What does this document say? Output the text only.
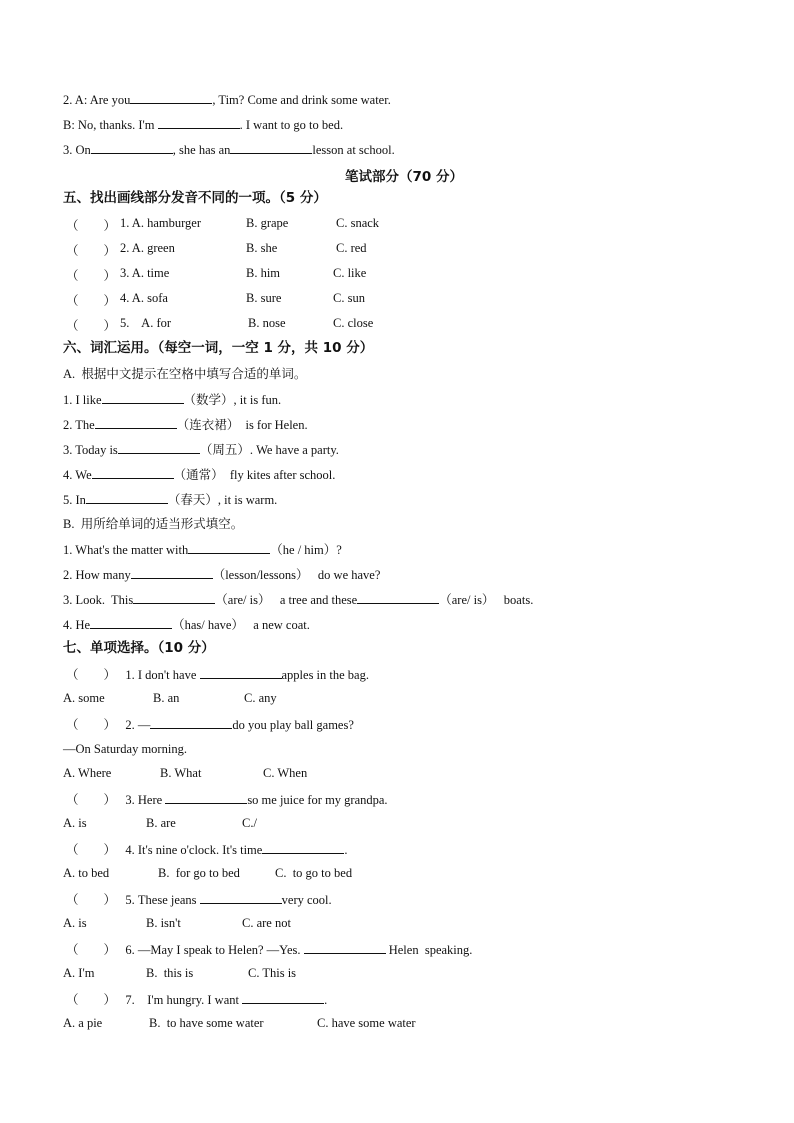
2. A: Are you	, Tim? Come and drink some water.
B: No, thanks. I'm	. I want to go to bed.
3. On	, she has an	lesson at school.
笔试部分（70 分）
五、找出画线部分发音不同的一项。（5 分）
（        ） 1. A. hamburger	B. grape	C. snack
（        ） 2. A. green	B. she	C. red
（        ） 3. A. time	B. him	C. like
（        ） 4. A. sofa	B. sure	C. sun
（        ） 5.    A. for	B. nose	C. close
六、词汇运用。（每空一词，一空 1 分，共 10 分）
A.  根据中文提示在空格中填写合适的单词。
1. I like	（数学）, it is fun.
2. The	（连衣裙）  is for Helen.
3. Today is	（周五）. We have a party.
4. We	（通常）  fly kites after school.
5. In	（春天）, it is warm.
B.  用所给单词的适当形式填空。
1. What's the matter with	（he / him）?
2. How many	（lesson/lessons）   do we have?
3. Look.  This	（are/ is）   a tree and these	（are/ is）   boats.
4. He	（has/ have）   a new coat.
七、单项选择。（10 分）
（        ） 1. I don't have	apples in the bag.
A. some	B. an	C. any
（        ） 2. —	do you play ball games?
—On Saturday morning.
A. Where	B. What	C. When
（        ） 3. Here	so me juice for my grandpa.
A. is	B. are	C./
（        ） 4. It's nine o'clock. It's time	.
A. to bed	B.  for go to bed	C.  to go to bed
（        ） 5. These jeans	very cool.
A. is	B. isn't	C. are not
（        ） 6. —May I speak to Helen? —Yes.	Helen  speaking.
A. I'm	B.  this is	C. This is
（        ） 7.    I'm hungry. I want	.
A. a pie	B.  to have some water	C. have some water
